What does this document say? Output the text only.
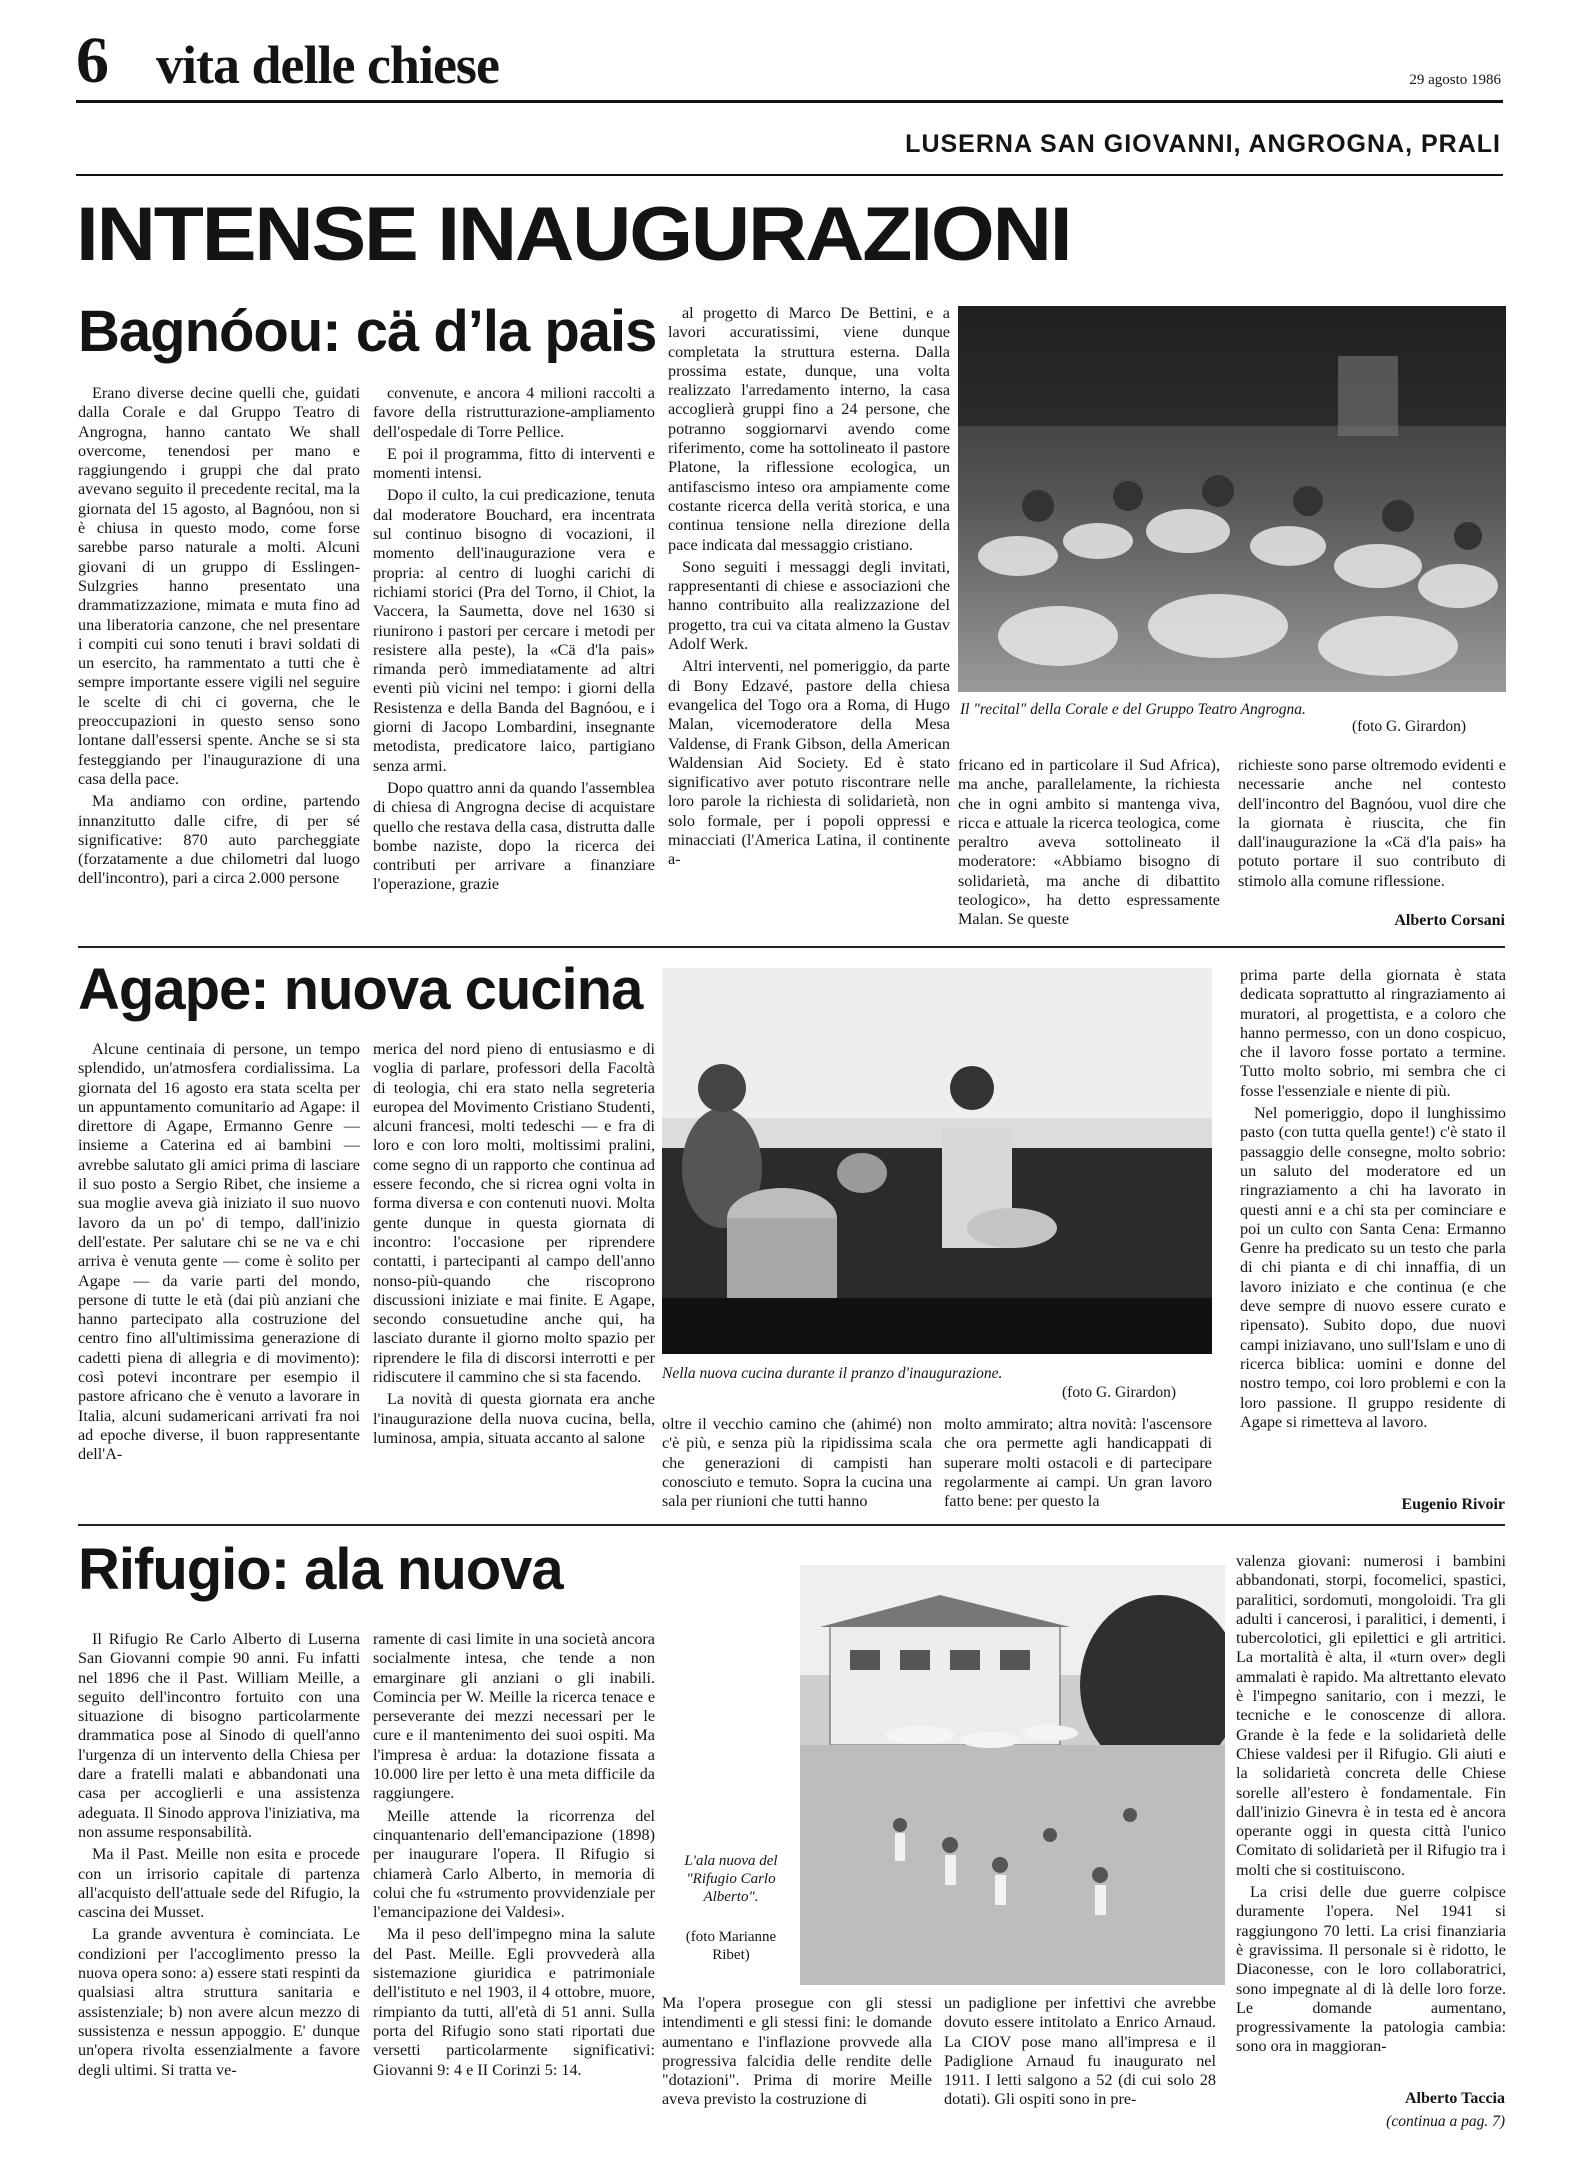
6 vita delle chiese	29 agosto 1986
LUSERNA SAN GIOVANNI, ANGROGNA, PRALI
INTENSE INAUGURAZIONI
Bagnóou: cä d’la pais

Erano diverse decine quelli che, guidati dalla Corale e dal Gruppo Teatro di Angrogna, hanno cantato We shall overcome, tenendosi per mano e raggiungendo i gruppi che dal prato avevano seguito il precedente recital, ma la giornata del 15 agosto, al Bagnóou, non si è chiusa in questo modo, come forse sarebbe parso naturale a molti. Alcuni giovani di un gruppo di Esslingen-Sulzgries hanno presentato una drammatizzazione, mimata e muta fino ad una liberatoria canzone, che nel presentare i compiti cui sono tenuti i bravi soldati di un esercito, ha rammentato a tutti che è sempre importante essere vigili nel seguire le scelte di chi ci governa, che le preoccupazioni in questo senso sono lontane dall'essersi spente. Anche se si sta festeggiando per l'inaugurazione di una casa della pace.

Ma andiamo con ordine, partendo innanzitutto dalle cifre, di per sé significative: 870 auto parcheggiate (forzatamente a due chilometri dal luogo dell'incontro), pari a circa 2.000 persone

convenute, e ancora 4 milioni raccolti a favore della ristrutturazione-ampliamento dell'ospedale di Torre Pellice.

E poi il programma, fitto di interventi e momenti intensi.

Dopo il culto, la cui predicazione, tenuta dal moderatore Bouchard, era incentrata sul continuo bisogno di vocazioni, il momento dell'inaugurazione vera e propria: al centro di luoghi carichi di richiami storici (Pra del Torno, il Chiot, la Vaccera, la Saumetta, dove nel 1630 si riunirono i pastori per cercare i metodi per resistere alla peste), la «Cä d'la pais» rimanda però immediatamente ad altri eventi più vicini nel tempo: i giorni della Resistenza e della Banda del Bagnóou, e i giorni di Jacopo Lombardini, insegnante metodista, predicatore laico, partigiano senza armi.

Dopo quattro anni da quando l'assemblea di chiesa di Angrogna decise di acquistare quello che restava della casa, distrutta dalle bombe naziste, dopo la ricerca dei contributi per arrivare a finanziare l'operazione, grazie

al progetto di Marco De Bettini, e a lavori accuratissimi, viene dunque completata la struttura esterna. Dalla prossima estate, dunque, una volta realizzato l'arredamento interno, la casa accoglierà gruppi fino a 24 persone, che potranno soggiornarvi avendo come riferimento, come ha sottolineato il pastore Platone, la riflessione ecologica, un antifascismo inteso ora ampiamente come costante ricerca della verità storica, e una continua tensione nella direzione della pace indicata dal messaggio cristiano.

Sono seguiti i messaggi degli invitati, rappresentanti di chiese e associazioni che hanno contribuito alla realizzazione del progetto, tra cui va citata almeno la Gustav Adolf Werk.

Altri interventi, nel pomeriggio, da parte di Bony Edzavé, pastore della chiesa evangelica del Togo ora a Roma, di Hugo Malan, vicemoderatore della Mesa Valdense, di Frank Gibson, della American Waldensian Aid Society. Ed è stato significativo aver potuto riscontrare nelle loro parole la richiesta di solidarietà, non solo formale, per i popoli oppressi e minacciati (l'America Latina, il continente a-

Il "recital" della Corale e del Gruppo Teatro Angrogna.
(foto G. Girardon)

fricano ed in particolare il Sud Africa), ma anche, parallelamente, la richiesta che in ogni ambito si mantenga viva, ricca e attuale la ricerca teologica, come peraltro aveva sottolineato il moderatore: «Abbiamo bisogno di solidarietà, ma anche di dibattito teologico», ha detto espressamente Malan. Se queste

richieste sono parse oltremodo evidenti e necessarie anche nel contesto dell'incontro del Bagnóou, vuol dire che la giornata è riuscita, che fin dall'inaugurazione la «Cä d'la pais» ha potuto portare il suo contributo di stimolo alla comune riflessione.

Alberto Corsani
Agape: nuova cucina

Alcune centinaia di persone, un tempo splendido, un'atmosfera cordialissima. La giornata del 16 agosto era stata scelta per un appuntamento comunitario ad Agape: il direttore di Agape, Ermanno Genre — insieme a Caterina ed ai bambini — avrebbe salutato gli amici prima di lasciare il suo posto a Sergio Ribet, che insieme a sua moglie aveva già iniziato il suo nuovo lavoro da un po' di tempo, dall'inizio dell'estate. Per salutare chi se ne va e chi arriva è venuta gente — come è solito per Agape — da varie parti del mondo, persone di tutte le età (dai più anziani che hanno partecipato alla costruzione del centro fino all'ultimissima generazione di cadetti piena di allegria e di movimento): così potevi incontrare per esempio il pastore africano che è venuto a lavorare in Italia, alcuni sudamericani arrivati fra noi ad epoche diverse, il buon rappresentante dell'A-

merica del nord pieno di entusiasmo e di voglia di parlare, professori della Facoltà di teologia, chi era stato nella segreteria europea del Movimento Cristiano Studenti, alcuni francesi, molti tedeschi — e fra di loro e con loro molti, moltissimi pralini, come segno di un rapporto che continua ad essere fecondo, che si ricrea ogni volta in forma diversa e con contenuti nuovi. Molta gente dunque in questa giornata di incontro: l'occasione per riprendere contatti, i partecipanti al campo dell'anno nonso-più-quando che riscoprono discussioni iniziate e mai finite. E Agape, secondo consuetudine anche qui, ha lasciato durante il giorno molto spazio per riprendere le fila di discorsi interrotti e per ridiscutere il cammino che si sta facendo.

La novità di questa giornata era anche l'inaugurazione della nuova cucina, bella, luminosa, ampia, situata accanto al salone

Nella nuova cucina durante il pranzo d'inaugurazione.
(foto G. Girardon)

oltre il vecchio camino che (ahimé) non c'è più, e senza più la ripidissima scala che generazioni di campisti han conosciuto e temuto. Sopra la cucina una sala per riunioni che tutti hanno

molto ammirato; altra novità: l'ascensore che ora permette agli handicappati di superare molti ostacoli e di partecipare regolarmente ai campi. Un gran lavoro fatto bene: per questo la

prima parte della giornata è stata dedicata soprattutto al ringraziamento ai muratori, al progettista, e a coloro che hanno permesso, con un dono cospicuo, che il lavoro fosse portato a termine. Tutto molto sobrio, mi sembra che ci fosse l'essenziale e niente di più.

Nel pomeriggio, dopo il lunghissimo pasto (con tutta quella gente!) c'è stato il passaggio delle consegne, molto sobrio: un saluto del moderatore ed un ringraziamento a chi ha lavorato in questi anni e a chi sta per cominciare e poi un culto con Santa Cena: Ermanno Genre ha predicato su un testo che parla di chi pianta e di chi innaffia, di un lavoro iniziato e che continua (e che deve sempre di nuovo essere curato e ripensato). Subito dopo, due nuovi campi iniziavano, uno sull'Islam e uno di ricerca biblica: uomini e donne del nostro tempo, coi loro problemi e con la loro passione. Il gruppo residente di Agape si rimetteva al lavoro.

Eugenio Rivoir
Rifugio: ala nuova

Il Rifugio Re Carlo Alberto di Luserna San Giovanni compie 90 anni. Fu infatti nel 1896 che il Past. William Meille, a seguito dell'incontro fortuito con una situazione di bisogno particolarmente drammatica pose al Sinodo di quell'anno l'urgenza di un intervento della Chiesa per dare a fratelli malati e abbandonati una casa per accoglierli e una assistenza adeguata. Il Sinodo approva l'iniziativa, ma non assume responsabilità.

Ma il Past. Meille non esita e procede con un irrisorio capitale di partenza all'acquisto dell'attuale sede del Rifugio, la cascina dei Musset.

La grande avventura è cominciata. Le condizioni per l'accoglimento presso la nuova opera sono: a) essere stati respinti da qualsiasi altra struttura sanitaria e assistenziale; b) non avere alcun mezzo di sussistenza e nessun appoggio. E' dunque un'opera rivolta essenzialmente a favore degli ultimi. Si tratta ve-

ramente di casi limite in una società ancora socialmente intesa, che tende a non emarginare gli anziani o gli inabili. Comincia per W. Meille la ricerca tenace e perseverante dei mezzi necessari per le cure e il mantenimento dei suoi ospiti. Ma l'impresa è ardua: la dotazione fissata a 10.000 lire per letto è una meta difficile da raggiungere.

Meille attende la ricorrenza del cinquantenario dell'emancipazione (1898) per inaugurare l'opera. Il Rifugio si chiamerà Carlo Alberto, in memoria di colui che fu «strumento provvidenziale per l'emancipazione dei Valdesi».

Ma il peso dell'impegno mina la salute del Past. Meille. Egli provvederà alla sistemazione giuridica e patrimoniale dell'istituto e nel 1903, il 4 ottobre, muore, rimpianto da tutti, all'età di 51 anni. Sulla porta del Rifugio sono stati riportati due versetti particolarmente significativi: Giovanni 9: 4 e II Corinzi 5: 14.

L'ala nuova del "Rifugio Carlo Alberto".
(foto Marianne Ribet)

Ma l'opera prosegue con gli stessi intendimenti e gli stessi fini: le domande aumentano e l'inflazione provvede alla progressiva falcidia delle rendite delle "dotazioni". Prima di morire Meille aveva previsto la costruzione di

un padiglione per infettivi che avrebbe dovuto essere intitolato a Enrico Arnaud. La CIOV pose mano all'impresa e il Padiglione Arnaud fu inaugurato nel 1911. I letti salgono a 52 (di cui solo 28 dotati). Gli ospiti sono in pre-

valenza giovani: numerosi i bambini abbandonati, storpi, focomelici, spastici, paralitici, sordomuti, mongoloidi. Tra gli adulti i cancerosi, i paralitici, i dementi, i tubercolotici, gli epilettici e gli artritici. La mortalità è alta, il «turn over» degli ammalati è rapido. Ma altrettanto elevato è l'impegno sanitario, con i mezzi, le tecniche e le conoscenze di allora. Grande è la fede e la solidarietà delle Chiese valdesi per il Rifugio. Gli aiuti e la solidarietà concreta delle Chiese sorelle all'estero è fondamentale. Fin dall'inizio Ginevra è in testa ed è ancora operante oggi in questa città l'unico Comitato di solidarietà per il Rifugio tra i molti che si costituiscono.

La crisi delle due guerre colpisce duramente l'opera. Nel 1941 si raggiungono 70 letti. La crisi finanziaria è gravissima. Il personale si è ridotto, le Diaconesse, con le loro collaboratrici, sono impegnate al di là delle loro forze. Le domande aumentano, progressivamente la patologia cambia: sono ora in maggioran-

Alberto Taccia
(continua a pag. 7)
